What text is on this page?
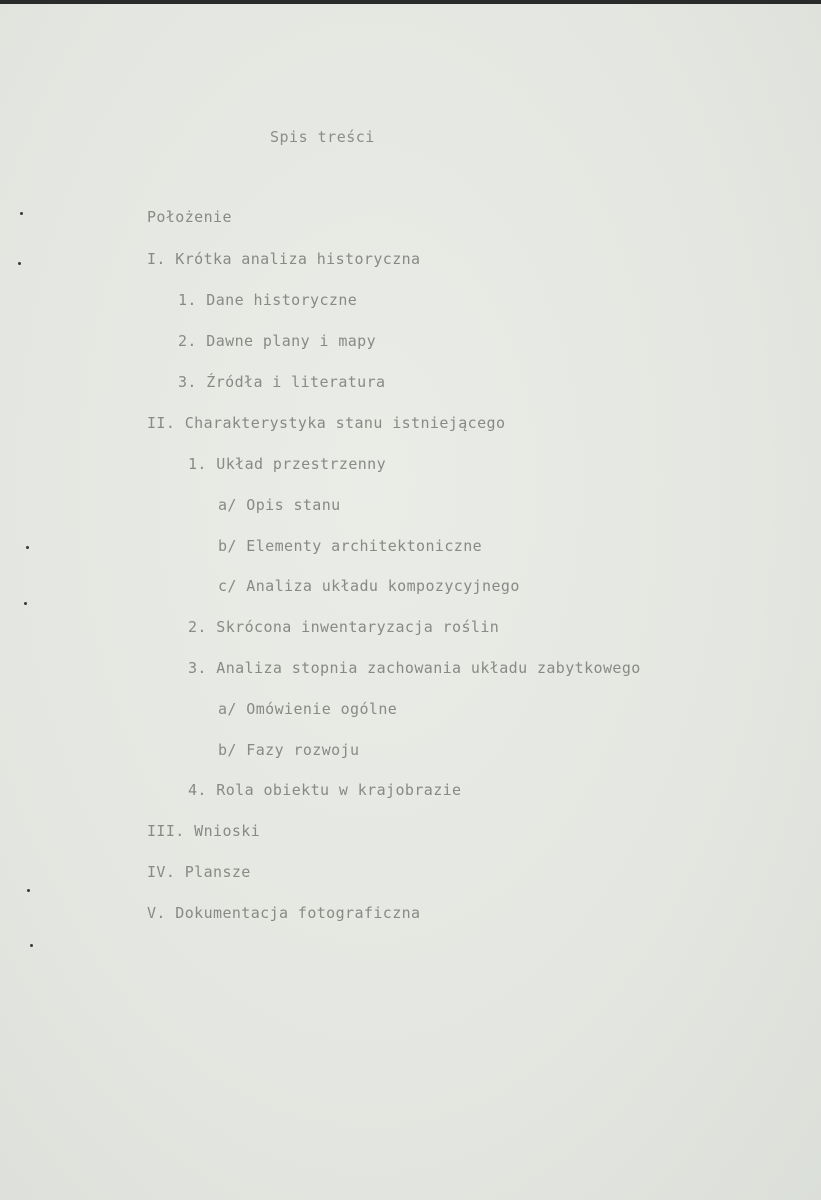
Spis treści
Położenie
I. Krótka analiza historyczna
1. Dane historyczne
2. Dawne plany i mapy
3. Źródła i literatura
II. Charakterystyka stanu istniejącego
1. Układ przestrzenny
a/ Opis stanu
b/ Elementy architektoniczne
c/ Analiza układu kompozycyjnego
2. Skrócona inwentaryzacja roślin
3. Analiza stopnia zachowania układu zabytkowego
a/ Omówienie ogólne
b/ Fazy rozwoju
4. Rola obiektu w krajobrazie
III. Wnioski
IV. Plansze
V. Dokumentacja fotograficzna
